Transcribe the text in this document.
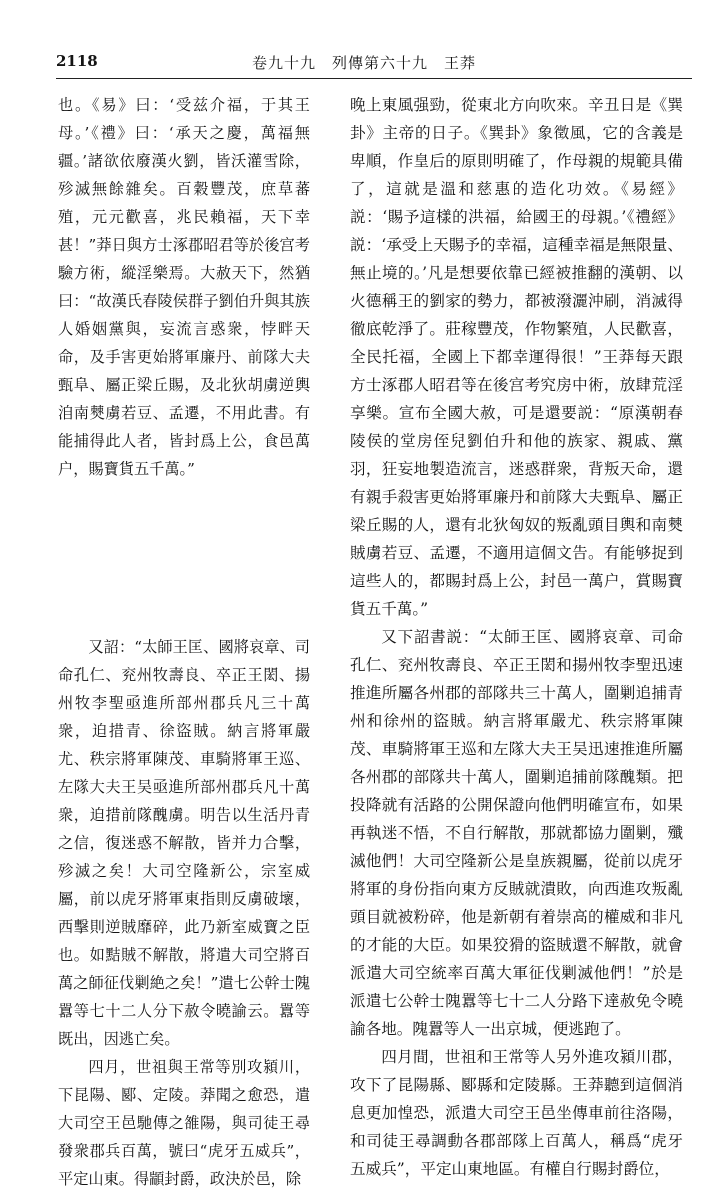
2118	卷九十九　列傳第六十九　王莽

也。《易》曰：‘受兹介福，于其王母。’《禮》曰：‘承天之慶，萬福無疆。’諸欲依廢漢火劉，皆沃灌雪除，殄滅無餘雜矣。百穀豐茂，庶草蕃殖，元元歡喜，兆民賴福，天下幸甚！”莽日與方士涿郡昭君等於後宫考驗方術，縱淫樂焉。大赦天下，然猶曰：“故漢氏春陵侯群子劉伯升與其族人婚姻黨與，妄流言惑衆，悖畔天命，及手害更始將軍廉丹、前隊大夫甄阜、屬正梁丘賜，及北狄胡虜逆輿洎南僰虜若豆、孟遷，不用此書。有能捕得此人者，皆封爲上公，食邑萬户，賜寶貨五千萬。”

又詔：“太師王匡、國將哀章、司命孔仁、兖州牧壽良、卒正王閎、揚州牧李聖亟進所部州郡兵凡三十萬衆，迫措青、徐盜賊。納言將軍嚴尤、秩宗將軍陳茂、車騎將軍王巡、左隊大夫王吴亟進所部州郡兵凡十萬衆，迫措前隊醜虜。明告以生活丹青之信，復迷惑不解散，皆并力合擊，殄滅之矣！大司空隆新公，宗室威屬，前以虎牙將軍東指則反虜破壞，西擊則逆賊靡碎，此乃新室威寶之臣也。如黠賊不解散，將遣大司空將百萬之師征伐剿絶之矣！”遣七公幹士隗囂等七十二人分下赦令曉諭云。囂等既出，因逃亡矣。

四月，世祖與王常等別攻潁川，下昆陽、郾、定陵。莽聞之愈恐，遣大司空王邑馳傳之雒陽，與司徒王尋發衆郡兵百萬，號曰“虎牙五威兵”，平定山東。得顓封爵，政決於邑，除

晚上東風强勁，從東北方向吹來。辛丑日是《巽卦》主帝的日子。《巽卦》象徵風，它的含義是卑順，作皇后的原則明確了，作母親的規範具備了，這就是溫和慈惠的造化功效。《易經》説：‘賜予這樣的洪福，給國王的母親。’《禮經》説：‘承受上天賜予的幸福，這種幸福是無限量、無止境的。’凡是想要依靠已經被推翻的漢朝、以火德稱王的劉家的勢力，都被潑灑沖刷，消滅得徹底乾淨了。莊稼豐茂，作物繁殖，人民歡喜，全民托福，全國上下都幸運得很！”王莽每天跟方士涿郡人昭君等在後宫考究房中術，放肆荒淫享樂。宣布全國大赦，可是還要説：“原漢朝春陵侯的堂房侄兒劉伯升和他的族家、親戚、黨羽，狂妄地製造流言，迷惑群衆，背叛天命，還有親手殺害更始將軍廉丹和前隊大夫甄阜、屬正梁丘賜的人，還有北狄匈奴的叛亂頭目輿和南僰賊虜若豆、孟遷，不適用這個文告。有能够捉到這些人的，都賜封爲上公，封邑一萬户，賞賜寶貨五千萬。”

又下詔書説：“太師王匡、國將哀章、司命孔仁、兖州牧壽良、卒正王閎和揚州牧李聖迅速推進所屬各州郡的部隊共三十萬人，圍剿追捕青州和徐州的盜賊。納言將軍嚴尤、秩宗將軍陳茂、車騎將軍王巡和左隊大夫王吴迅速推進所屬各州郡的部隊共十萬人，圍剿追捕前隊醜類。把投降就有活路的公開保證向他們明確宣布，如果再執迷不悟，不自行解散，那就都協力圍剿，殲滅他們！大司空隆新公是皇族親屬，從前以虎牙將軍的身份指向東方反賊就潰敗，向西進攻叛亂頭目就被粉碎，他是新朝有着崇高的權威和非凡的才能的大臣。如果狡猾的盜賊還不解散，就會派遣大司空統率百萬大軍征伐剿滅他們！”於是派遣七公幹士隗囂等七十二人分路下達赦免令曉諭各地。隗囂等人一出京城，便逃跑了。

四月間，世祖和王常等人另外進攻潁川郡，攻下了昆陽縣、郾縣和定陵縣。王莽聽到這個消息更加惶恐，派遣大司空王邑坐傳車前往洛陽，和司徒王尋調動各郡部隊上百萬人，稱爲“虎牙五威兵”，平定山東地區。有權自行賜封爵位，
